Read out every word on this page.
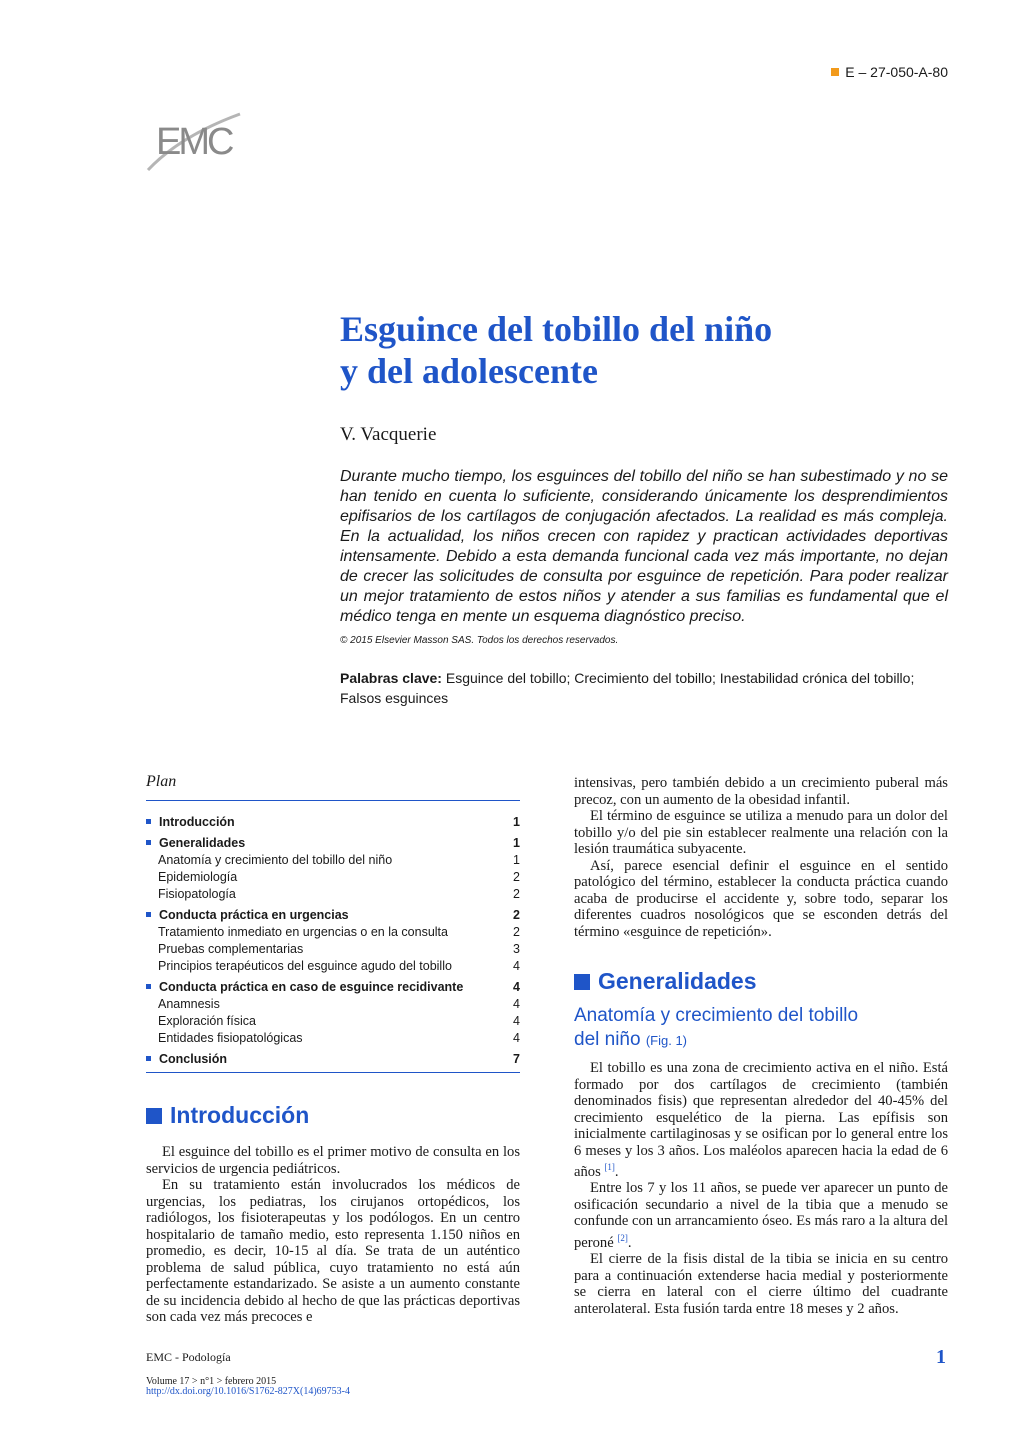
E – 27-050-A-80
EMC
Esguince del tobillo del niño
y del adolescente
V. Vacquerie

Durante mucho tiempo, los esguinces del tobillo del niño se han subestimado y no se han tenido en cuenta lo suficiente, considerando únicamente los desprendimientos epifisarios de los cartílagos de conjugación afectados. La realidad es más compleja. En la actualidad, los niños crecen con rapidez y practican actividades deportivas intensamente. Debido a esta demanda funcional cada vez más importante, no dejan de crecer las solicitudes de consulta por esguince de repetición. Para poder realizar un mejor tratamiento de estos niños y atender a sus familias es fundamental que el médico tenga en mente un esquema diagnóstico preciso.

© 2015 Elsevier Masson SAS. Todos los derechos reservados.
Palabras clave: Esguince del tobillo; Crecimiento del tobillo; Inestabilidad crónica del tobillo; Falsos esguinces
Plan
Introducción	1
Generalidades	1
Anatomía y crecimiento del tobillo del niño	1
Epidemiología	2
Fisiopatología	2
Conducta práctica en urgencias	2
Tratamiento inmediato en urgencias o en la consulta	2
Pruebas complementarias	3
Principios terapéuticos del esguince agudo del tobillo	4
Conducta práctica en caso de esguince recidivante	4
Anamnesis	4
Exploración física	4
Entidades fisiopatológicas	4
Conclusión	7
Introducción

El esguince del tobillo es el primer motivo de consulta en los servicios de urgencia pediátricos.

En su tratamiento están involucrados los médicos de urgencias, los pediatras, los cirujanos ortopédicos, los radiólogos, los fisioterapeutas y los podólogos. En un centro hospitalario de tamaño medio, esto representa 1.150 niños en promedio, es decir, 10-15 al día. Se trata de un auténtico problema de salud pública, cuyo tratamiento no está aún perfectamente estandarizado. Se asiste a un aumento constante de su incidencia debido al hecho de que las prácticas deportivas son cada vez más precoces e

intensivas, pero también debido a un crecimiento puberal más precoz, con un aumento de la obesidad infantil.

El término de esguince se utiliza a menudo para un dolor del tobillo y/o del pie sin establecer realmente una relación con la lesión traumática subyacente.

Así, parece esencial definir el esguince en el sentido patológico del término, establecer la conducta práctica cuando acaba de producirse el accidente y, sobre todo, separar los diferentes cuadros nosológicos que se esconden detrás del término «esguince de repetición».

Generalidades
Anatomía y crecimiento del tobillo
del niño (Fig. 1)

El tobillo es una zona de crecimiento activa en el niño. Está formado por dos cartílagos de crecimiento (también denominados fisis) que representan alrededor del 40-45% del crecimiento esquelético de la pierna. Las epífisis son inicialmente cartilaginosas y se osifican por lo general entre los 6 meses y los 3 años. Los maléolos aparecen hacia la edad de 6 años [1].

Entre los 7 y los 11 años, se puede ver aparecer un punto de osificación secundario a nivel de la tibia que a menudo se confunde con un arrancamiento óseo. Es más raro a la altura del peroné [2].

El cierre de la fisis distal de la tibia se inicia en su centro para a continuación extenderse hacia medial y posteriormente se cierra en lateral con el cierre último del cuadrante anterolateral. Esta fusión tarda entre 18 meses y 2 años.

EMC - Podología
Volume 17 > n°1 > febrero 2015
http://dx.doi.org/10.1016/S1762-827X(14)69753-4
1
